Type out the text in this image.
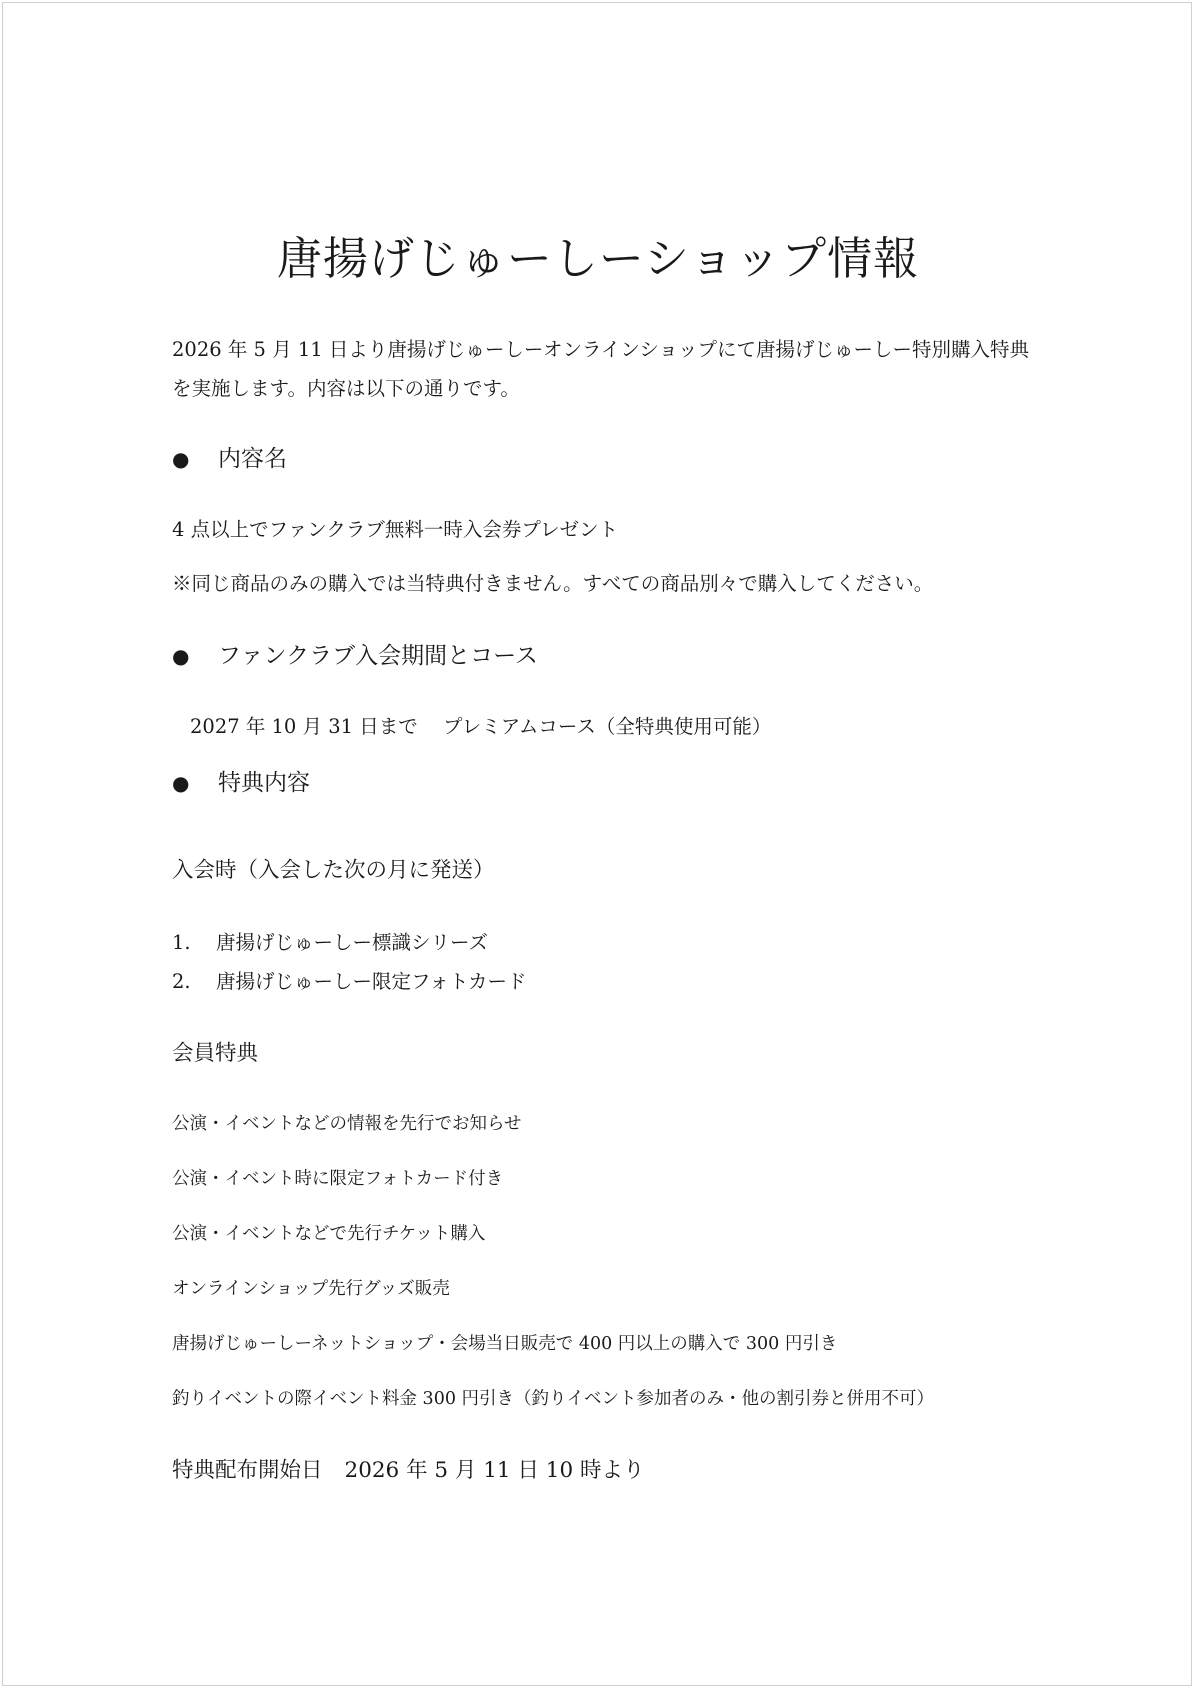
唐揚げじゅーしーショップ情報

2026 年 5 月 11 日より唐揚げじゅーしーオンラインショップにて唐揚げじゅーしー特別購入特典を実施します。内容は以下の通りです。

● 内容名

4 点以上でファンクラブ無料一時入会券プレゼント

※同じ商品のみの購入では当特典付きません。すべての商品別々で購入してください。

● ファンクラブ入会期間とコース

2027 年 10 月 31 日まで プレミアムコース（全特典使用可能）

● 特典内容

入会時（入会した次の月に発送）

1. 唐揚げじゅーしー標識シリーズ

2. 唐揚げじゅーしー限定フォトカード

会員特典

公演・イベントなどの情報を先行でお知らせ

公演・イベント時に限定フォトカード付き

公演・イベントなどで先行チケット購入

オンラインショップ先行グッズ販売

唐揚げじゅーしーネットショップ・会場当日販売で 400 円以上の購入で 300 円引き

釣りイベントの際イベント料金 300 円引き（釣りイベント参加者のみ・他の割引券と併用不可）

特典配布開始日 2026 年 5 月 11 日 10 時より
